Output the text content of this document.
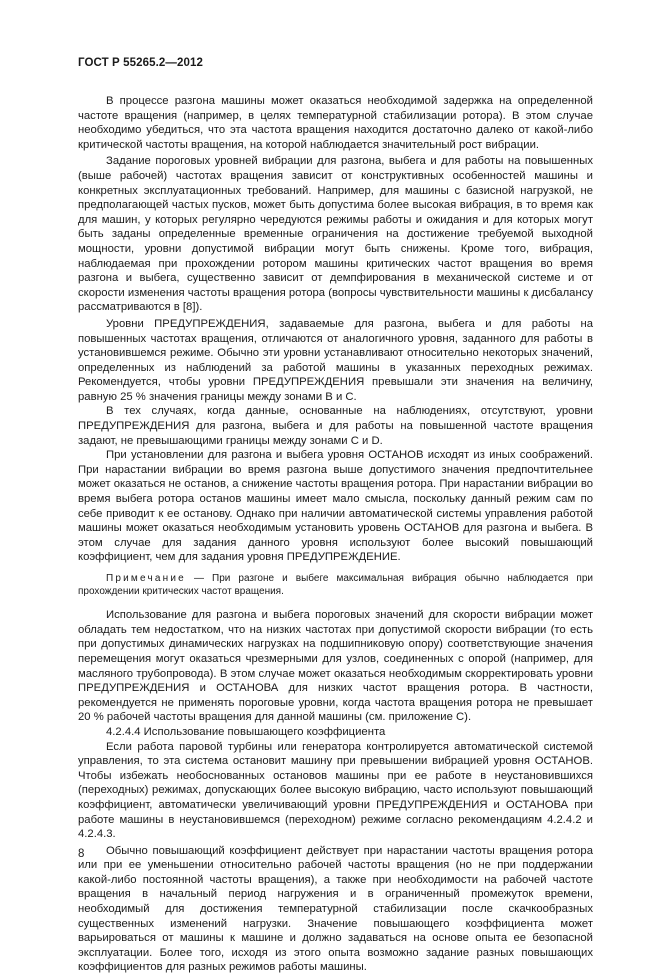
ГОСТ Р 55265.2—2012

В процессе разгона машины может оказаться необходимой задержка на определенной частоте вращения (например, в целях температурной стабилизации ротора). В этом случае необходимо убедиться, что эта частота вращения находится достаточно далеко от какой-либо критической частоты вращения, на которой наблюдается значительный рост вибрации.

Задание пороговых уровней вибрации для разгона, выбега и для работы на повышенных (выше рабочей) частотах вращения зависит от конструктивных особенностей машины и конкретных эксплуатационных требований. Например, для машины с базисной нагрузкой, не предполагающей частых пусков, может быть допустима более высокая вибрация, в то время как для машин, у которых регулярно чередуются режимы работы и ожидания и для которых могут быть заданы определенные временные ограничения на достижение требуемой выходной мощности, уровни допустимой вибрации могут быть снижены. Кроме того, вибрация, наблюдаемая при прохождении ротором машины критических частот вращения во время разгона и выбега, существенно зависит от демпфирования в механической системе и от скорости изменения частоты вращения ротора (вопросы чувствительности машины к дисбалансу рассматриваются в [8]).

Уровни ПРЕДУПРЕЖДЕНИЯ, задаваемые для разгона, выбега и для работы на повышенных частотах вращения, отличаются от аналогичного уровня, заданного для работы в установившемся режиме. Обычно эти уровни устанавливают относительно некоторых значений, определенных из наблюдений за работой машины в указанных переходных режимах. Рекомендуется, чтобы уровни ПРЕДУПРЕЖДЕНИЯ превышали эти значения на величину, равную 25 % значения границы между зонами B и C.

В тех случаях, когда данные, основанные на наблюдениях, отсутствуют, уровни ПРЕДУПРЕЖДЕНИЯ для разгона, выбега и для работы на повышенной частоте вращения задают, не превышающими границы между зонами C и D.

При установлении для разгона и выбега уровня ОСТАНОВ исходят из иных соображений. При нарастании вибрации во время разгона выше допустимого значения предпочтительнее может оказаться не останов, а снижение частоты вращения ротора. При нарастании вибрации во время выбега ротора останов машины имеет мало смысла, поскольку данный режим сам по себе приводит к ее останову. Однако при наличии автоматической системы управления работой машины может оказаться необходимым установить уровень ОСТАНОВ для разгона и выбега. В этом случае для задания данного уровня используют более высокий повышающий коэффициент, чем для задания уровня ПРЕДУПРЕЖДЕНИЕ.

Примечание — При разгоне и выбеге максимальная вибрация обычно наблюдается при прохождении критических частот вращения.

Использование для разгона и выбега пороговых значений для скорости вибрации может обладать тем недостатком, что на низких частотах при допустимой скорости вибрации (то есть при допустимых динамических нагрузках на подшипниковую опору) соответствующие значения перемещения могут оказаться чрезмерными для узлов, соединенных с опорой (например, для масляного трубопровода). В этом случае может оказаться необходимым скорректировать уровни ПРЕДУПРЕЖДЕНИЯ и ОСТАНОВА для низких частот вращения ротора. В частности, рекомендуется не применять пороговые уровни, когда частота вращения ротора не превышает 20 % рабочей частоты вращения для данной машины (см. приложение C).

4.2.4.4 Использование повышающего коэффициента

Если работа паровой турбины или генератора контролируется автоматической системой управления, то эта система остановит машину при превышении вибрацией уровня ОСТАНОВ. Чтобы избежать необоснованных остановов машины при ее работе в неустановившихся (переходных) режимах, допускающих более высокую вибрацию, часто используют повышающий коэффициент, автоматически увеличивающий уровни ПРЕДУПРЕЖДЕНИЯ и ОСТАНОВА при работе машины в неустановившемся (переходном) режиме согласно рекомендациям 4.2.4.2 и 4.2.4.3.

Обычно повышающий коэффициент действует при нарастании частоты вращения ротора или при ее уменьшении относительно рабочей частоты вращения (но не при поддержании какой-либо постоянной частоты вращения), а также при необходимости на рабочей частоте вращения в начальный период нагружения и в ограниченный промежуток времени, необходимый для достижения температурной стабилизации после скачкообразных существенных изменений нагрузки. Значение повышающего коэффициента может варьироваться от машины к машине и должно задаваться на основе опыта ее безопасной эксплуатации. Более того, исходя из этого опыта возможно задание разных повышающих коэффициентов для разных режимов работы машины.

8
